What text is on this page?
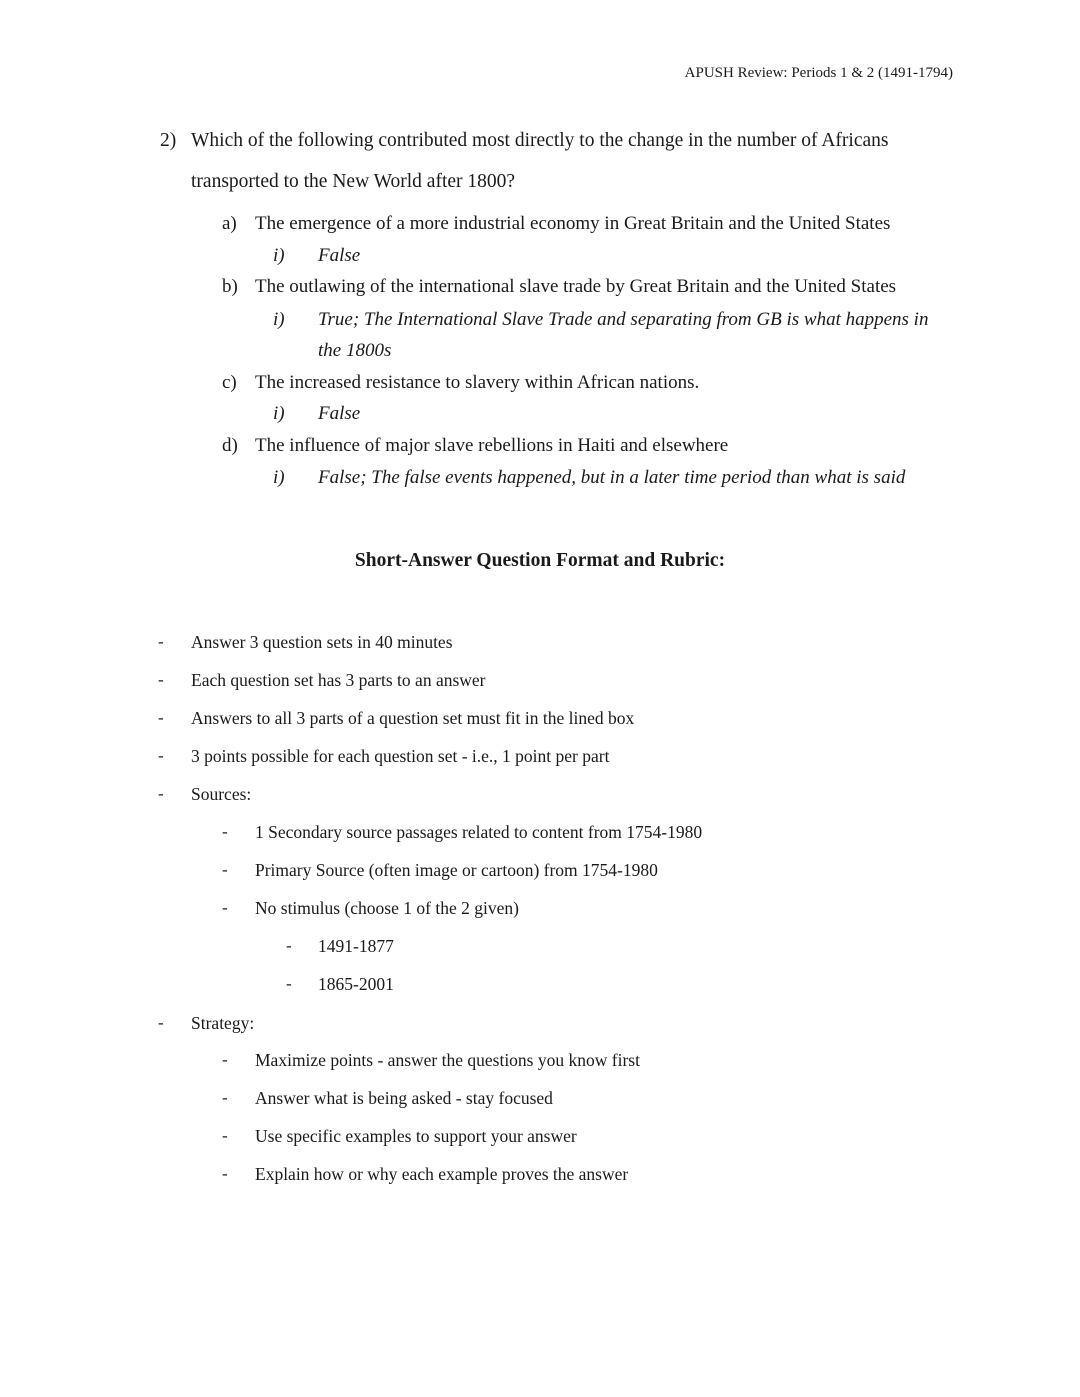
APUSH Review: Periods 1 & 2 (1491-1794)
2) Which of the following contributed most directly to the change in the number of Africans
transported to the New World after 1800?
a) The emergence of a more industrial economy in Great Britain and the United States
i) False
b) The outlawing of the international slave trade by Great Britain and the United States
i) True; The International Slave Trade and separating from GB is what happens in
the 1800s
c) The increased resistance to slavery within African nations.
i) False
d) The influence of major slave rebellions in Haiti and elsewhere
i) False; The false events happened, but in a later time period than what is said
Short-Answer Question Format and Rubric:
- Answer 3 question sets in 40 minutes
- Each question set has 3 parts to an answer
- Answers to all 3 parts of a question set must fit in the lined box
- 3 points possible for each question set - i.e., 1 point per part
- Sources:
- 1 Secondary source passages related to content from 1754-1980
- Primary Source (often image or cartoon) from 1754-1980
- No stimulus (choose 1 of the 2 given)
- 1491-1877
- 1865-2001
- Strategy:
- Maximize points - answer the questions you know first
- Answer what is being asked - stay focused
- Use specific examples to support your answer
- Explain how or why each example proves the answer
